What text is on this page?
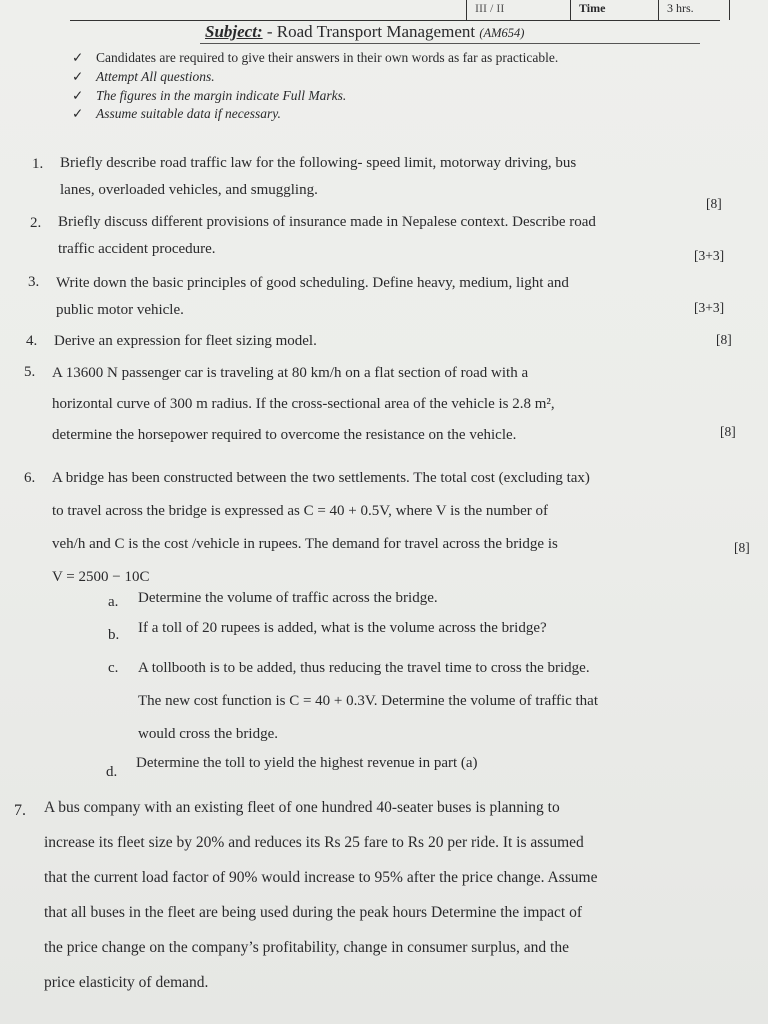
III / II	Time	3 hrs.
Subject: - Road Transport Management (AM654)
✓ Candidates are required to give their answers in their own words as far as practicable.
✓ Attempt All questions.
✓ The figures in the margin indicate Full Marks.
✓ Assume suitable data if necessary.
1. Briefly describe road traffic law for the following- speed limit, motorway driving, bus
lanes, overloaded vehicles, and smuggling.
[8]
2. Briefly discuss different provisions of insurance made in Nepalese context. Describe road
traffic accident procedure.	[3+3]
3. Write down the basic principles of good scheduling. Define heavy, medium, light and
public motor vehicle.	[3+3]
4. Derive an expression for fleet sizing model.	[8]
5. A 13600 N passenger car is traveling at 80 km/h on a flat section of road with a
horizontal curve of 300 m radius. If the cross-sectional area of the vehicle is 2.8 m²,
determine the horsepower required to overcome the resistance on the vehicle.	[8]
6. A bridge has been constructed between the two settlements. The total cost (excluding tax)
to travel across the bridge is expressed as C = 40 + 0.5V, where V is the number of
veh/h and C is the cost /vehicle in rupees. The demand for travel across the bridge is
V = 2500 − 10C
[8]
a. Determine the volume of traffic across the bridge.
b. If a toll of 20 rupees is added, what is the volume across the bridge?
c. A tollbooth is to be added, thus reducing the travel time to cross the bridge.
The new cost function is C = 40 + 0.3V. Determine the volume of traffic that
would cross the bridge.
d.
Determine the toll to yield the highest revenue in part (a)
7. A bus company with an existing fleet of one hundred 40-seater buses is planning to
increase its fleet size by 20% and reduces its Rs 25 fare to Rs 20 per ride. It is assumed
that the current load factor of 90% would increase to 95% after the price change. Assume
that all buses in the fleet are being used during the peak hours Determine the impact of
the price change on the company’s profitability, change in consumer surplus, and the
price elasticity of demand.
